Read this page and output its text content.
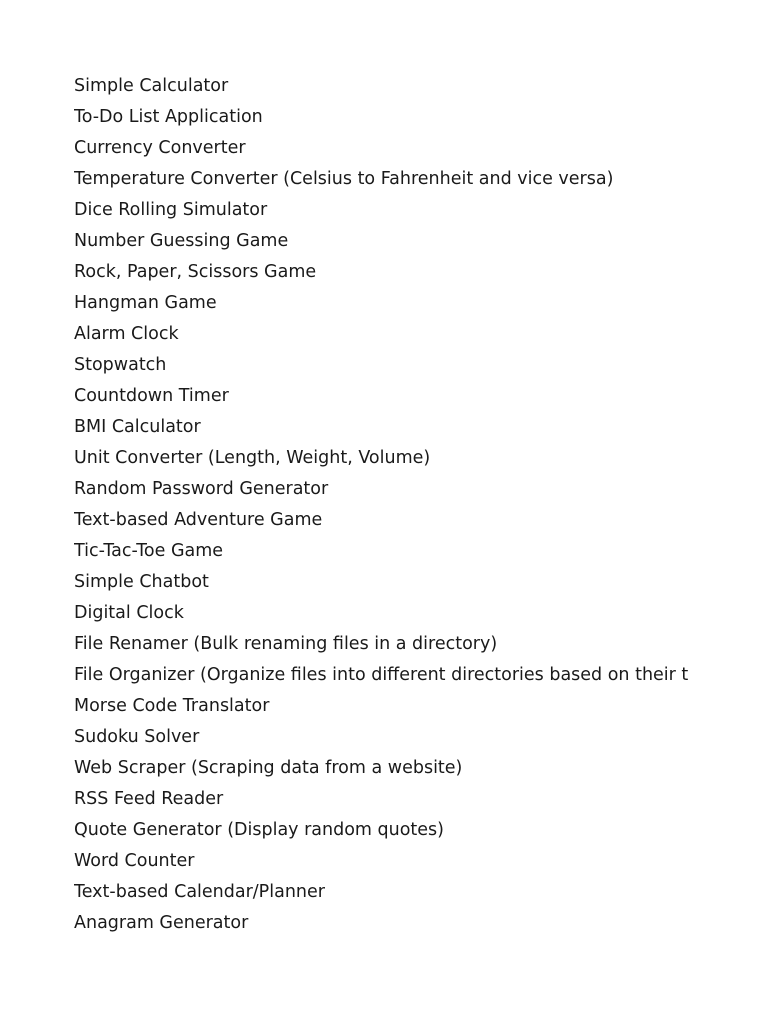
Simple Calculator
To-Do List Application
Currency Converter
Temperature Converter (Celsius to Fahrenheit and vice versa)
Dice Rolling Simulator
Number Guessing Game
Rock, Paper, Scissors Game
Hangman Game
Alarm Clock
Stopwatch
Countdown Timer
BMI Calculator
Unit Converter (Length, Weight, Volume)
Random Password Generator
Text-based Adventure Game
Tic-Tac-Toe Game
Simple Chatbot
Digital Clock
File Renamer (Bulk renaming files in a directory)
File Organizer (Organize files into different directories based on their t
Morse Code Translator
Sudoku Solver
Web Scraper (Scraping data from a website)
RSS Feed Reader
Quote Generator (Display random quotes)
Word Counter
Text-based Calendar/Planner
Anagram Generator
